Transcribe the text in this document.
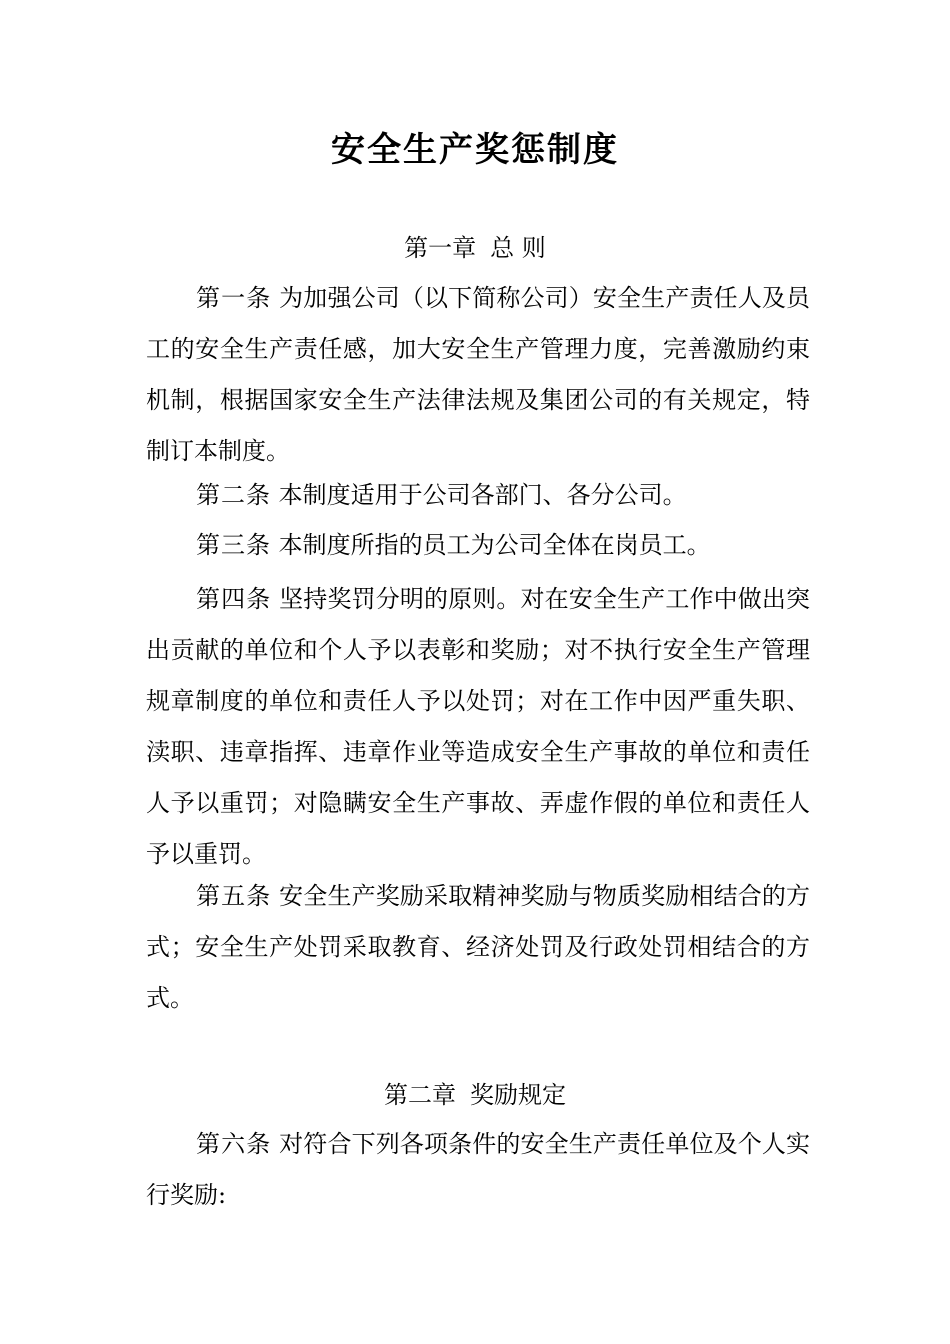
安全生产奖惩制度

第一章 总 则

第一条 为加强公司（以下简称公司）安全生产责任人及员工的安全生产责任感，加大安全生产管理力度，完善激励约束机制，根据国家安全生产法律法规及集团公司的有关规定，特制订本制度。

第二条 本制度适用于公司各部门、各分公司。

第三条 本制度所指的员工为公司全体在岗员工。

第四条 坚持奖罚分明的原则。对在安全生产工作中做出突出贡献的单位和个人予以表彰和奖励；对不执行安全生产管理规章制度的单位和责任人予以处罚；对在工作中因严重失职、渎职、违章指挥、违章作业等造成安全生产事故的单位和责任人予以重罚；对隐瞒安全生产事故、弄虚作假的单位和责任人予以重罚。

第五条 安全生产奖励采取精神奖励与物质奖励相结合的方式；安全生产处罚采取教育、经济处罚及行政处罚相结合的方式。

第二章 奖励规定

第六条 对符合下列各项条件的安全生产责任单位及个人实行奖励:
